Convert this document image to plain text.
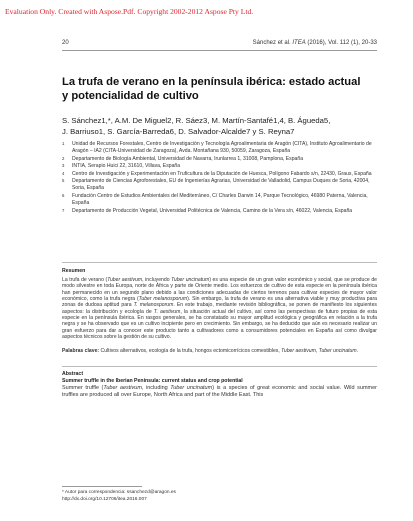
Evaluation Only. Created with Aspose.Pdf. Copyright 2002-2012 Aspose Pty Ltd.
20	Sánchez et al. ITEA (2016), Vol. 112 (1), 20-33
La trufa de verano en la península ibérica: estado actual
y potencialidad de cultivo
S. Sánchez1,*, A.M. De Miguel2, R. Sáez3, M. Martín-Santafé1,4, B. Águeda5,
J. Barriuso1, S. García-Barreda6, D. Salvador-Alcalde7 y S. Reyna7
1 Unidad de Recursos Forestales, Centro de Investigación y Tecnología Agroalimentaria de Aragón (CITA), Instituto Agroalimentario de Aragón – IA2 (CITA-Universidad de Zaragoza), Avda. Montañana 930, 50059, Zaragoza, España
2 Departamento de Biología Ambiental, Universidad de Navarra, Irunlarrea 1, 31008, Pamplona, España
3 INTIA, Serapio Huici 22, 31610, Villava, España
4 Centro de Investigación y Experimentación en Truficultura de la Diputación de Huesca, Polígono Fabardo s/n, 22430, Graus, España
5 Departamento de Ciencias Agroforestales, EU de Ingenierías Agrarias, Universidad de Valladolid, Campus Duques de Soria, 42004, Soria, España
6 Fundación Centro de Estudios Ambientales del Mediterráneo, C/ Charles Darwin 14, Parque Tecnológico, 46980 Paterna, Valencia, España
7 Departamento de Producción Vegetal, Universidad Politécnica de Valencia, Camino de la Vera s/n, 46022, Valencia, España
Resumen
La trufa de verano (Tuber aestivum, incluyendo Tuber uncinatum) es una especie de un gran valor económico y social, que se produce de modo silvestre en toda Europa, norte de África y parte de Oriente medio. Los esfuerzos de cultivo de esta especie en la península ibérica han permanecido en un segundo plano debido a las condiciones adecuadas de ciertos terrenos para cultivar especies de mayor valor económico, como la trufa negra (Tuber melanosporum). Sin embargo, la trufa de verano es una alternativa viable y muy productiva para zonas de dudosa aptitud para T. melanosporum. En este trabajo, mediante revisión bibliográfica, se ponen de manifiesto los siguientes aspectos: la distribución y ecología de T. aestivum, la situación actual del cultivo, así como las perspectivas de futuro propias de esta especie en la península ibérica. En rasgos generales, se ha constatado su mayor amplitud ecológica y geográfica en relación a la trufa negra y se ha observado que es un cultivo incipiente pero en crecimiento. Sin embargo, se ha deducido que aún es necesario realizar un gran esfuerzo para dar a conocer este producto tanto a cultivadores como a consumidores potenciales en España así como divulgar aspectos técnicos sobre la gestión de su cultivo.
Palabras clave: Cultivos alternativos, ecología de la trufa, hongos ectomicorrícicos comestibles, Tuber aestivum, Tuber uncinatum.
Abstract
Summer truffle in the Iberian Peninsula: current status and crop potential
Summer truffle (Tuber aestivum, including Tuber uncinatum) is a species of great economic and social value. Wild summer truffles are produced all over Europe, North Africa and part of the Middle East. This
* Autor para correspondencia: ssanchezd@aragon.es
http://dx.doi.org/10.12706/itea.2016.007
